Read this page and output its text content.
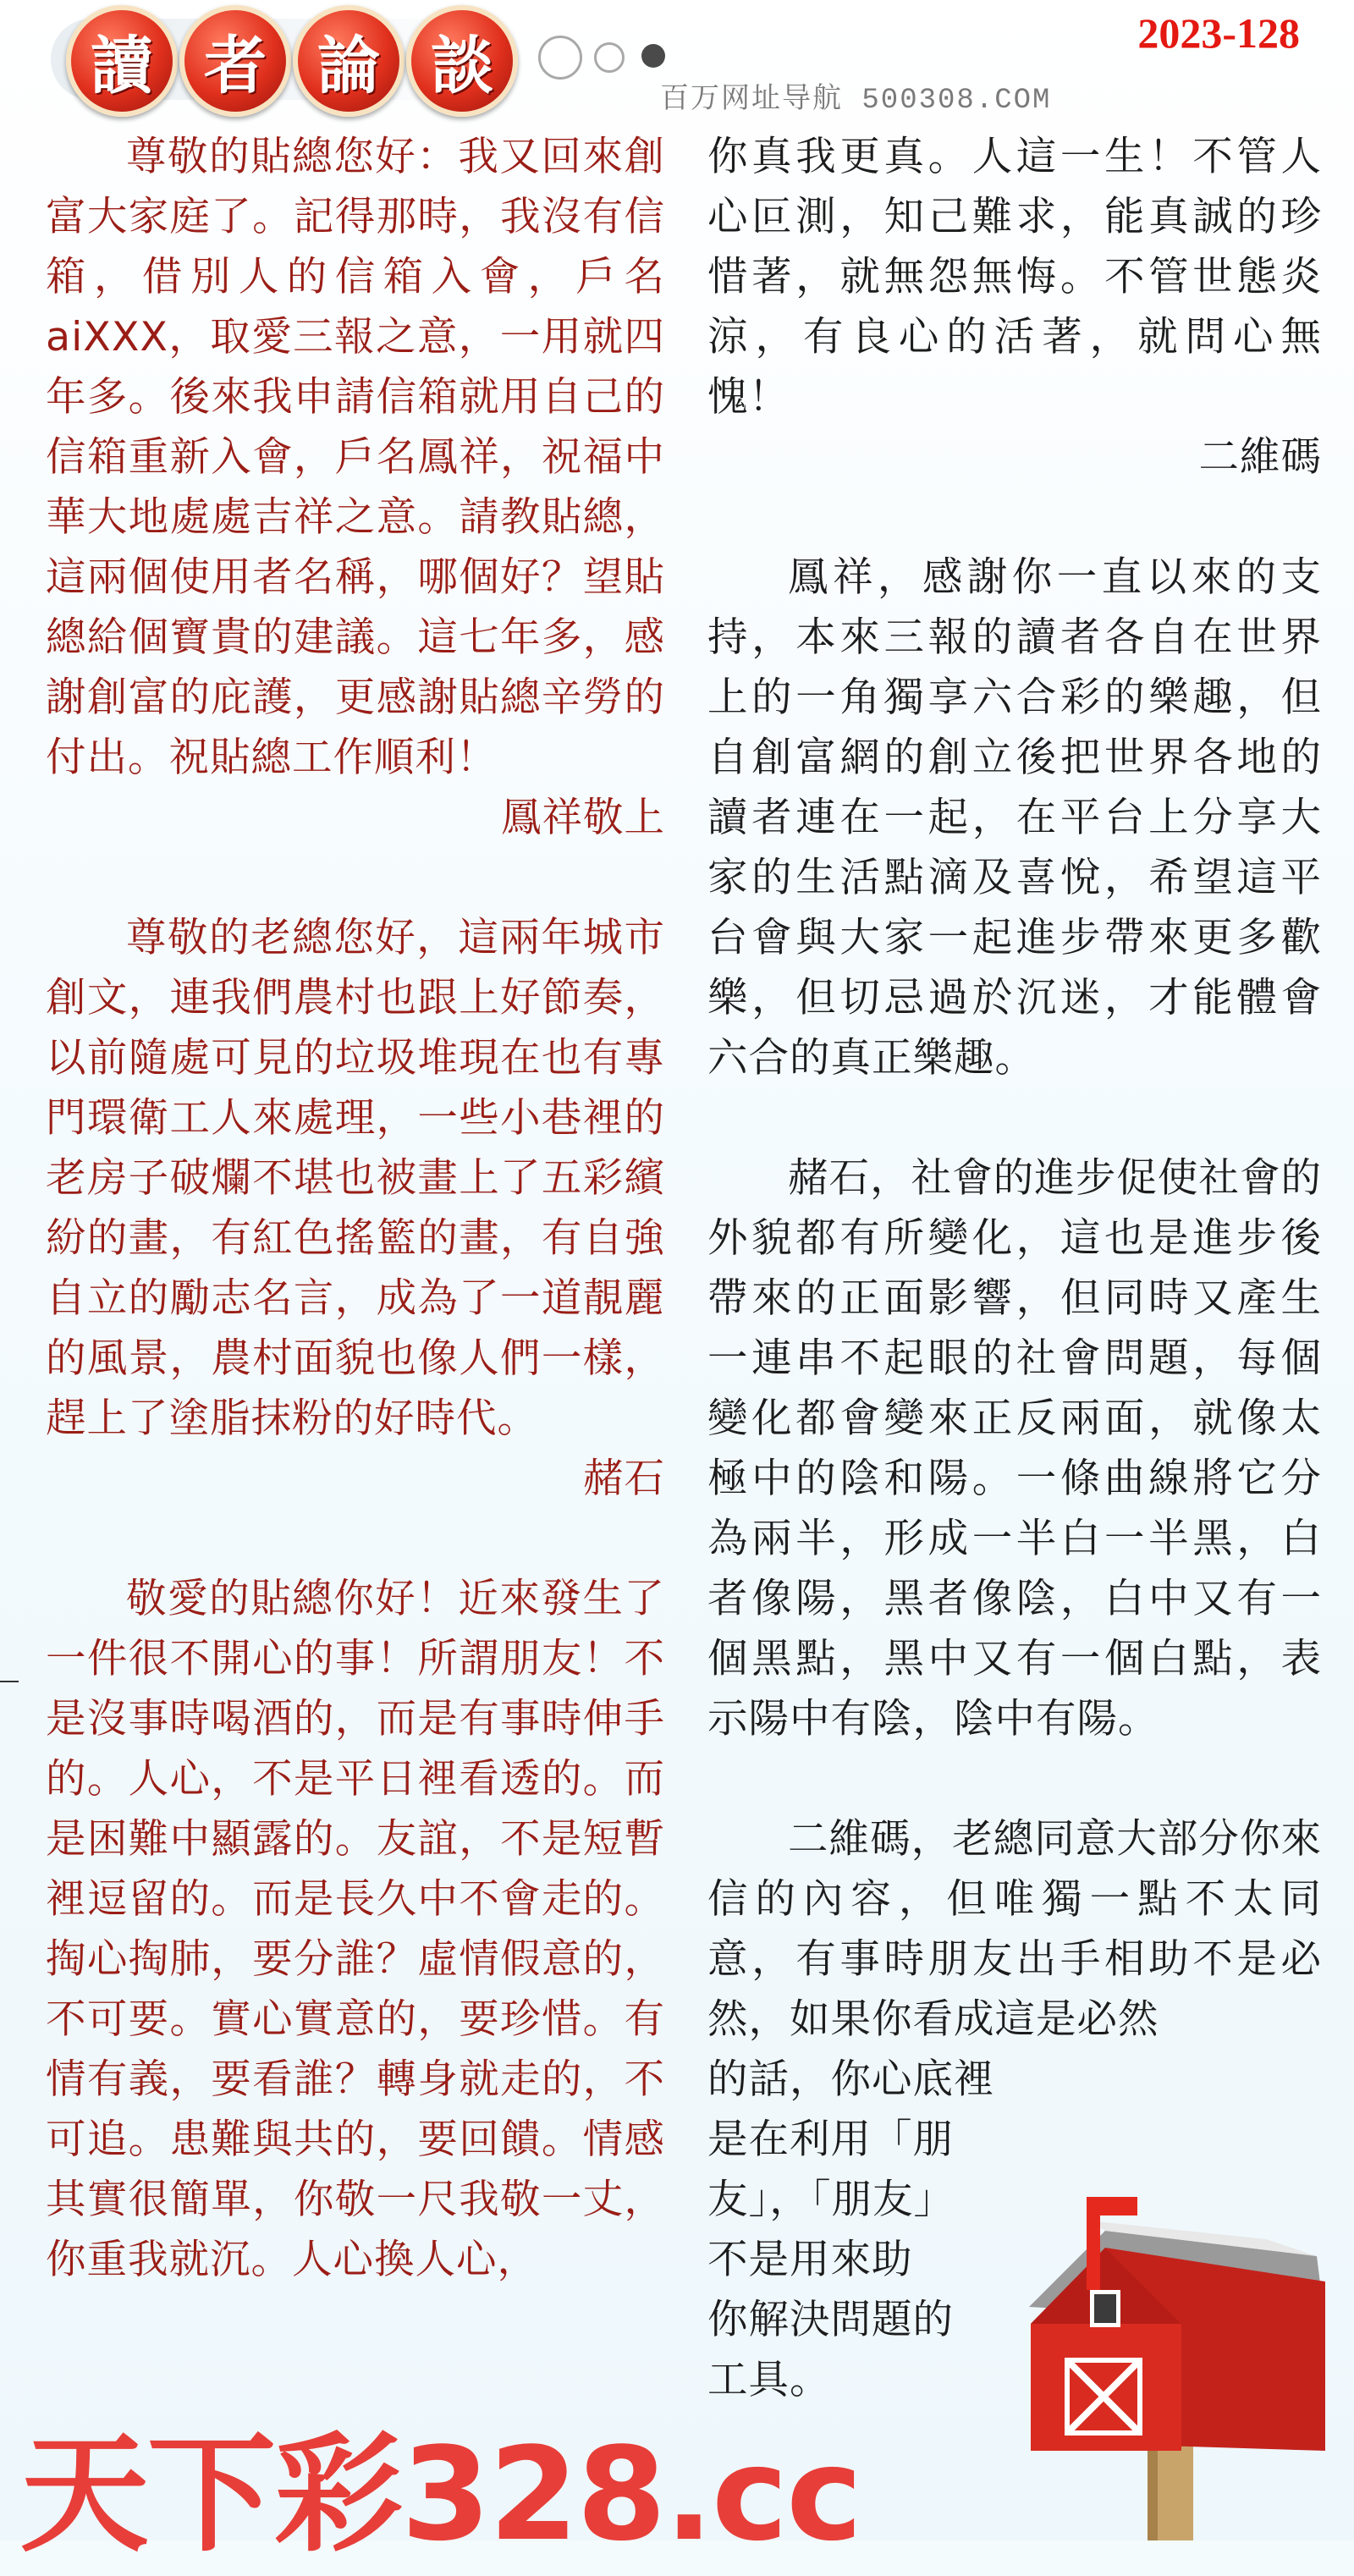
讀 者 論 談	2023-128
百万网址导航 500308.COM

尊敬的貼總您好：我又回來創富大家庭了。記得那時，我沒有信箱，借別人的信箱入會，戶名aiXXX，取愛三報之意，一用就四年多。後來我申請信箱就用自己的信箱重新入會，戶名鳳祥，祝福中華大地處處吉祥之意。請教貼總，這兩個使用者名稱，哪個好？望貼總給個寶貴的建議。這七年多，感謝創富的庇護，更感謝貼總辛勞的付出。祝貼總工作順利！

鳳祥敬上

尊敬的老總您好，這兩年城市創文，連我們農村也跟上好節奏，以前隨處可見的垃圾堆現在也有專門環衛工人來處理，一些小巷裡的老房子破爛不堪也被畫上了五彩繽紛的畫，有紅色搖籃的畫，有自強自立的勵志名言，成為了一道靚麗的風景，農村面貌也像人們一樣，趕上了塗脂抹粉的好時代。

赭石

敬愛的貼總你好！近來發生了一件很不開心的事！所謂朋友！不是沒事時喝酒的，而是有事時伸手的。人心，不是平日裡看透的。而是困難中顯露的。友誼，不是短暫裡逗留的。而是長久中不會走的。掏心掏肺，要分誰？虛情假意的，不可要。實心實意的，要珍惜。有情有義，要看誰？轉身就走的，不可追。患難與共的，要回饋。情感其實很簡單，你敬一尺我敬一丈，你重我就沉。人心換人心，

你真我更真。人這一生！不管人心叵測，知己難求，能真誠的珍惜著，就無怨無悔。不管世態炎涼，有良心的活著，就問心無愧！

二維碼

鳳祥，感謝你一直以來的支持，本來三報的讀者各自在世界上的一角獨享六合彩的樂趣，但自創富網的創立後把世界各地的讀者連在一起，在平台上分享大家的生活點滴及喜悅，希望這平台會與大家一起進步帶來更多歡樂，但切忌過於沉迷，才能體會六合的真正樂趣。

赭石，社會的進步促使社會的外貌都有所變化，這也是進步後帶來的正面影響，但同時又產生一連串不起眼的社會問題，每個變化都會變來正反兩面，就像太極中的陰和陽。一條曲線將它分為兩半，形成一半白一半黑，白者像陽，黑者像陰，白中又有一個黑點，黑中又有一個白點，表示陽中有陰，陰中有陽。

二維碼，老總同意大部分你來信的內容，但唯獨一點不太同意，有事時朋友出手相助不是必然，如果你看成這是必然

的話，你心底裡

是在利用「朋

友」，「朋友」

不是用來助

你解決問題的

工具。

天下彩328.cc
